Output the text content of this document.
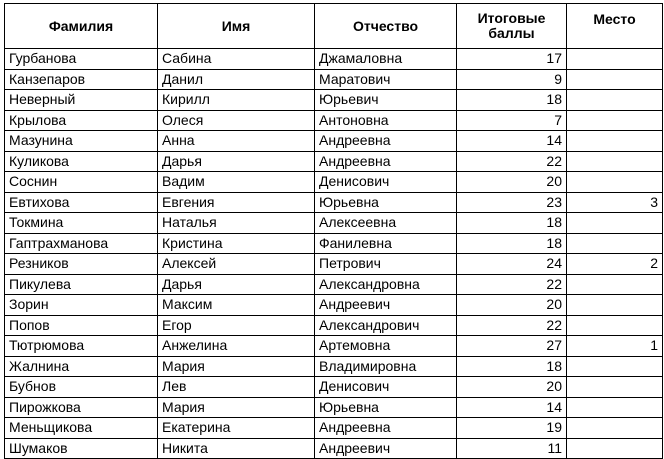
Фамилия	Имя	Отчество	Итоговые баллы	Место
Гурбанова	Сабина	Джамаловна	17	
Канзепаров	Данил	Маратович	9	
Неверный	Кирилл	Юрьевич	18	
Крылова	Олеся	Антоновна	7	
Мазунина	Анна	Андреевна	14	
Куликова	Дарья	Андреевна	22	
Соснин	Вадим	Денисович	20	
Евтихова	Евгения	Юрьевна	23	3
Токмина	Наталья	Алексеевна	18	
Гаптрахманова	Кристина	Фанилевна	18	
Резников	Алексей	Петрович	24	2
Пикулева	Дарья	Александровна	22	
Зорин	Максим	Андреевич	20	
Попов	Егор	Александрович	22	
Тютрюмова	Анжелина	Артемовна	27	1
Жалнина	Мария	Владимировна	18	
Бубнов	Лев	Денисович	20	
Пирожкова	Мария	Юрьевна	14	
Меньщикова	Екатерина	Андреевна	19	
Шумаков	Никита	Андреевич	11	
